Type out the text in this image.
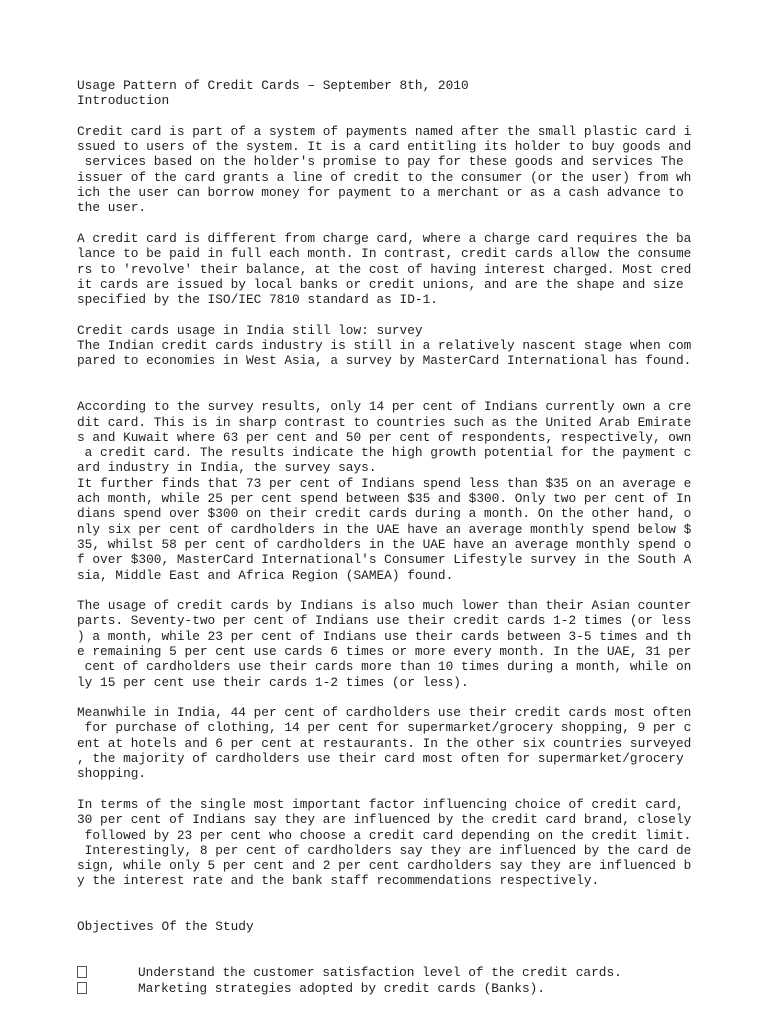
Usage Pattern of Credit Cards – September 8th, 2010
Introduction
Credit card is part of a system of payments named after the small plastic card i
ssued to users of the system. It is a card entitling its holder to buy goods and
services based on the holder's promise to pay for these goods and services The
issuer of the card grants a line of credit to the consumer (or the user) from wh
ich the user can borrow money for payment to a merchant or as a cash advance to
the user.
A credit card is different from charge card, where a charge card requires the ba
lance to be paid in full each month. In contrast, credit cards allow the consume
rs to 'revolve' their balance, at the cost of having interest charged. Most cred
it cards are issued by local banks or credit unions, and are the shape and size
specified by the ISO/IEC 7810 standard as ID-1.
Credit cards usage in India still low: survey
The Indian credit cards industry is still in a relatively nascent stage when com
pared to economies in West Asia, a survey by MasterCard International has found.
According to the survey results, only 14 per cent of Indians currently own a cre
dit card. This is in sharp contrast to countries such as the United Arab Emirate
s and Kuwait where 63 per cent and 50 per cent of respondents, respectively, own
a credit card. The results indicate the high growth potential for the payment c
ard industry in India, the survey says.
It further finds that 73 per cent of Indians spend less than $35 on an average e
ach month, while 25 per cent spend between $35 and $300. Only two per cent of In
dians spend over $300 on their credit cards during a month. On the other hand, o
nly six per cent of cardholders in the UAE have an average monthly spend below $
35, whilst 58 per cent of cardholders in the UAE have an average monthly spend o
f over $300, MasterCard International's Consumer Lifestyle survey in the South A
sia, Middle East and Africa Region (SAMEA) found.
The usage of credit cards by Indians is also much lower than their Asian counter
parts. Seventy-two per cent of Indians use their credit cards 1-2 times (or less
) a month, while 23 per cent of Indians use their cards between 3-5 times and th
e remaining 5 per cent use cards 6 times or more every month. In the UAE, 31 per
cent of cardholders use their cards more than 10 times during a month, while on
ly 15 per cent use their cards 1-2 times (or less).
Meanwhile in India, 44 per cent of cardholders use their credit cards most often
for purchase of clothing, 14 per cent for supermarket/grocery shopping, 9 per c
ent at hotels and 6 per cent at restaurants. In the other six countries surveyed
, the majority of cardholders use their card most often for supermarket/grocery
shopping.
In terms of the single most important factor influencing choice of credit card,
30 per cent of Indians say they are influenced by the credit card brand, closely
followed by 23 per cent who choose a credit card depending on the credit limit.
Interestingly, 8 per cent of cardholders say they are influenced by the card de
sign, while only 5 per cent and 2 per cent cardholders say they are influenced b
y the interest rate and the bank staff recommendations respectively.
Objectives Of the Study
Understand the customer satisfaction level of the credit cards.
Marketing strategies adopted by credit cards (Banks).
